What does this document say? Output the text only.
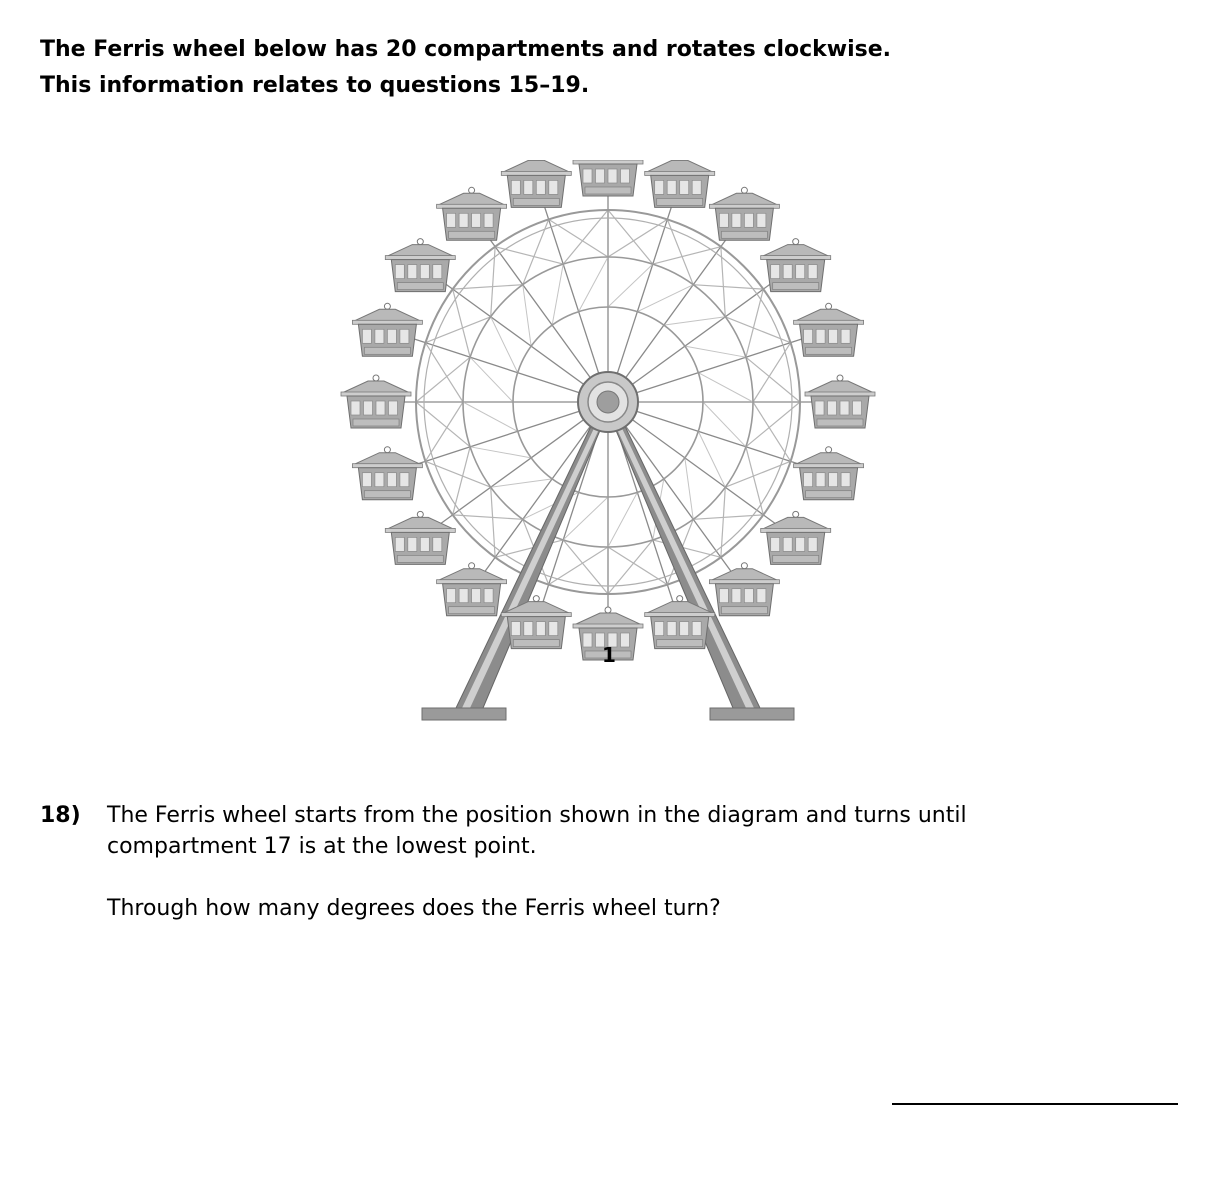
The Ferris wheel below has 20 compartments and rotates clockwise.
This information relates to questions 15–19.
1
18) The Ferris wheel starts from the position shown in the diagram and turns until

compartment 17 is at the lowest point.

Through how many degrees does the Ferris wheel turn?
